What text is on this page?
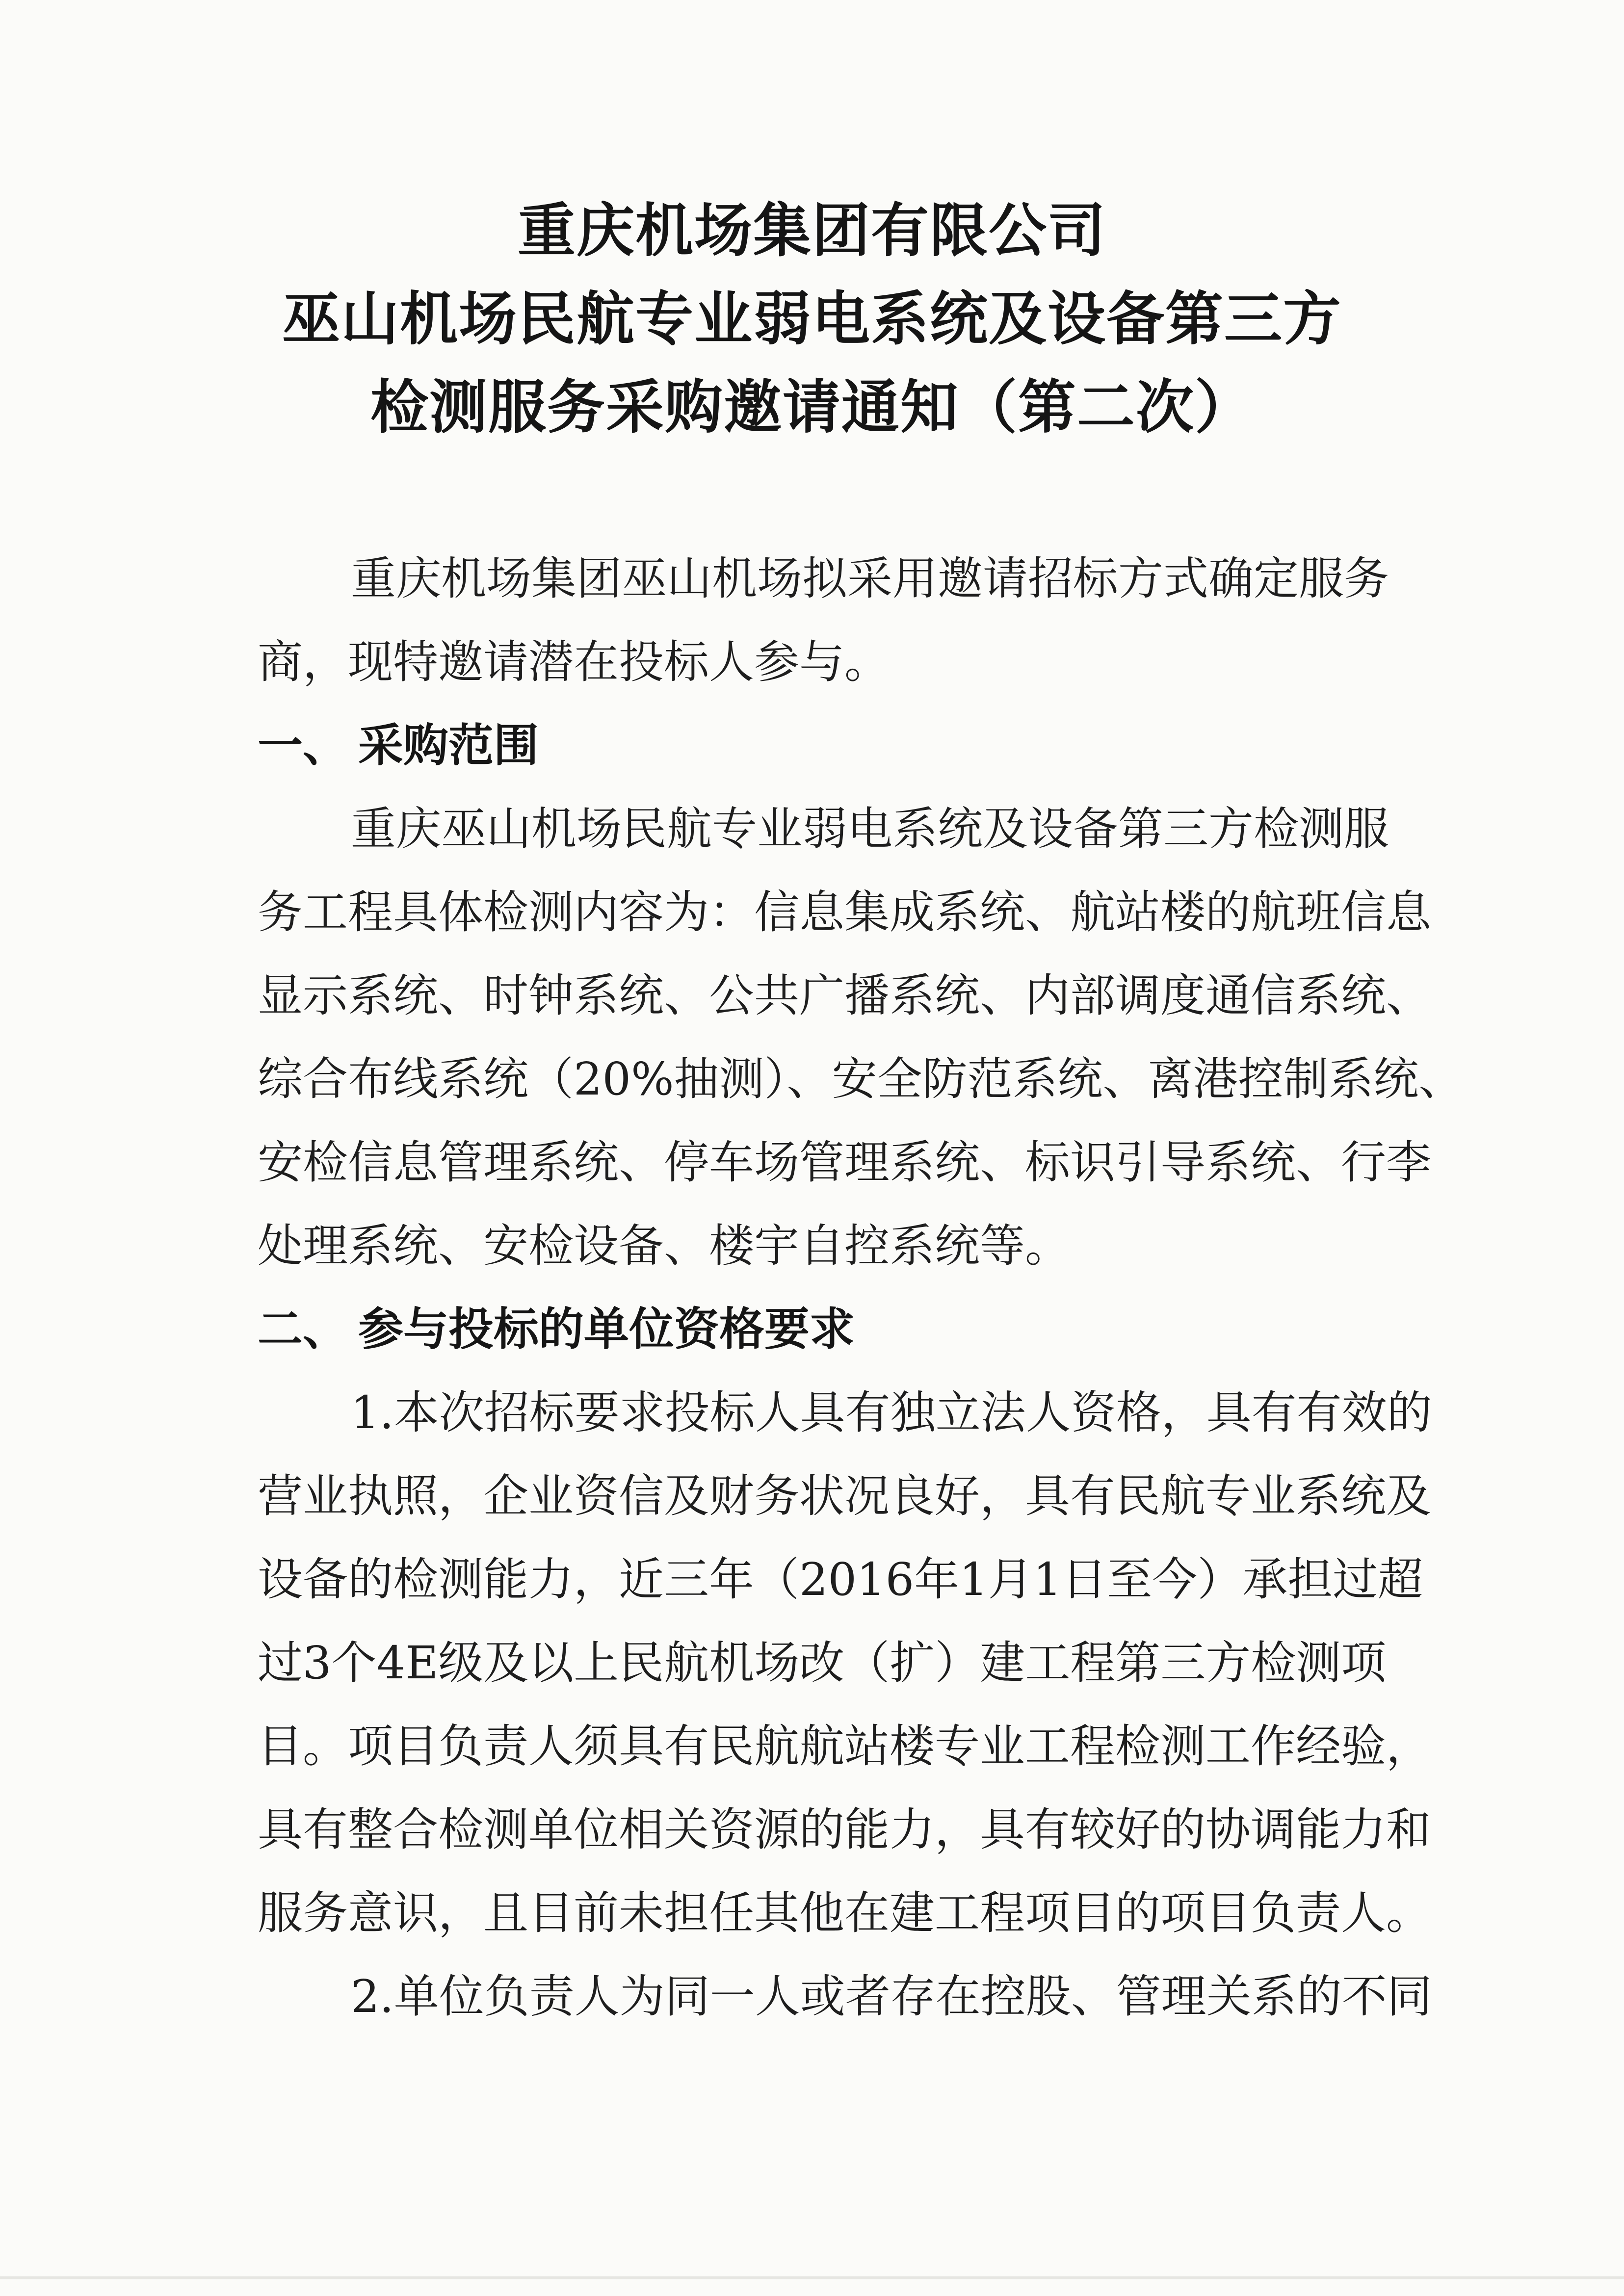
重庆机场集团有限公司
巫山机场民航专业弱电系统及设备第三方
检测服务采购邀请通知（第二次）

重庆机场集团巫山机场拟采用邀请招标方式确定服务

商，现特邀请潜在投标人参与。

一、 采购范围

重庆巫山机场民航专业弱电系统及设备第三方检测服

务工程具体检测内容为：信息集成系统、航站楼的航班信息

显示系统、时钟系统、公共广播系统、内部调度通信系统、

综合布线系统（20%抽测）、安全防范系统、离港控制系统、

安检信息管理系统、停车场管理系统、标识引导系统、行李

处理系统、安检设备、楼宇自控系统等。

二、 参与投标的单位资格要求

1.本次招标要求投标人具有独立法人资格，具有有效的

营业执照，企业资信及财务状况良好，具有民航专业系统及

设备的检测能力，近三年（2016年1月1日至今）承担过超

过3个4E级及以上民航机场改（扩）建工程第三方检测项

目。项目负责人须具有民航航站楼专业工程检测工作经验，

具有整合检测单位相关资源的能力，具有较好的协调能力和

服务意识，且目前未担任其他在建工程项目的项目负责人。

2.单位负责人为同一人或者存在控股、管理关系的不同
